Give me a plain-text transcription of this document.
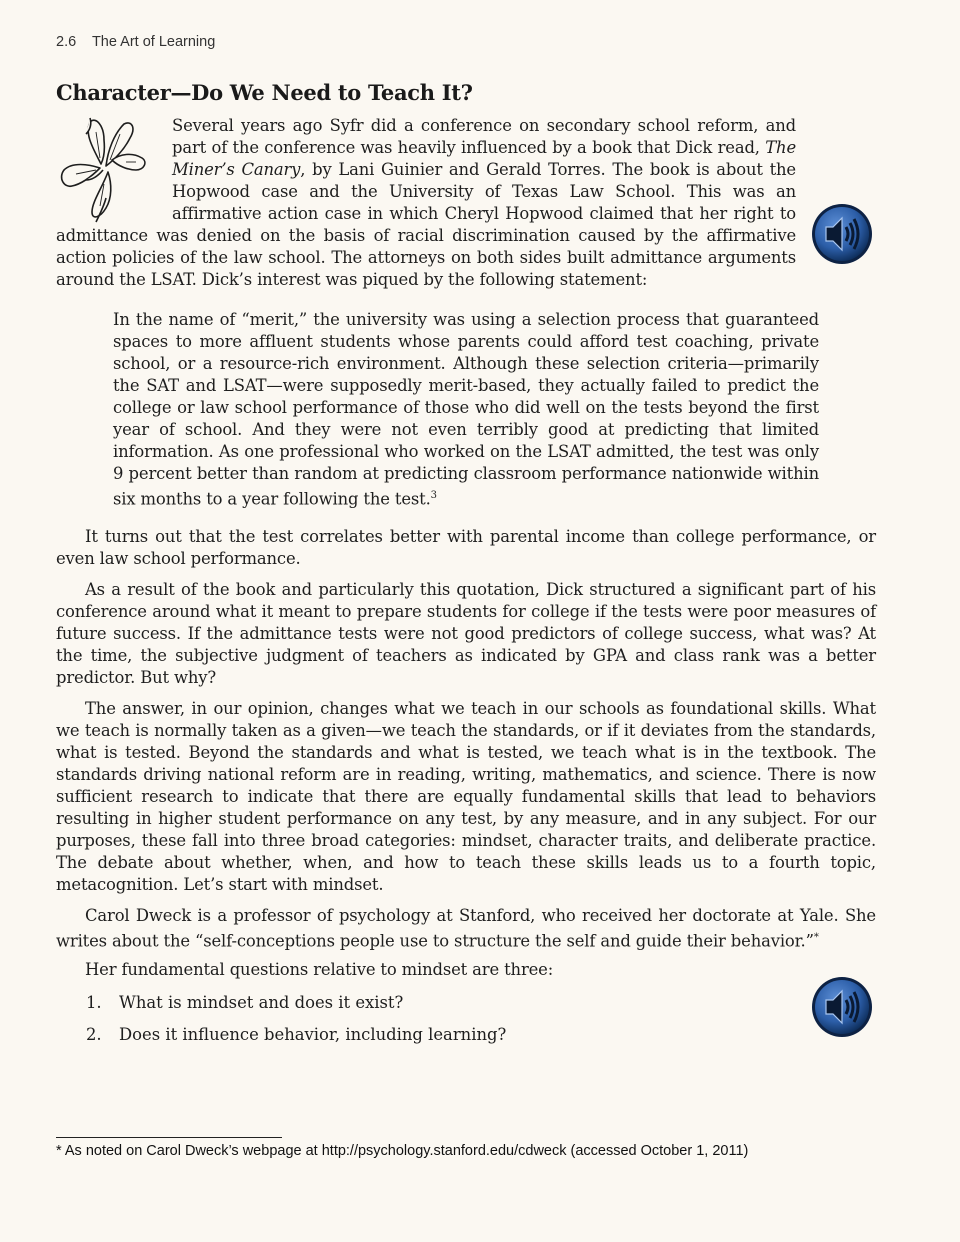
2.6 The Art of Learning
Character—Do We Need to Teach It?

Several years ago Syfr did a conference on secondary school reform, and part of the conference was heavily influenced by a book that Dick read, The Miner’s Canary, by Lani Guinier and Gerald Torres. The book is about the Hopwood case and the University of Texas Law School. This was an affirmative action case in which Cheryl Hopwood claimed that her right to admittance was denied on the basis of racial discrimination caused by the affirmative action policies of the law school. The attorneys on both sides built admittance arguments around the LSAT. Dick’s interest was piqued by the following statement:

In the name of “merit,” the university was using a selection process that guaranteed spaces to more affluent students whose parents could afford test coaching, private school, or a resource-rich environment. Although these selection criteria—primarily the SAT and LSAT—were supposedly merit-based, they actually failed to predict the college or law school performance of those who did well on the tests beyond the first year of school. And they were not even terribly good at predicting that limited information. As one professional who worked on the LSAT admitted, the test was only 9 percent better than random at predicting classroom performance nationwide within six months to a year following the test.$^3$

It turns out that the test correlates better with parental income than college performance, or even law school performance.

As a result of the book and particularly this quotation, Dick structured a significant part of his conference around what it meant to prepare students for college if the tests were poor measures of future success. If the admittance tests were not good predictors of college success, what was? At the time, the subjective judgment of teachers as indicated by GPA and class rank was a better predictor. But why?

The answer, in our opinion, changes what we teach in our schools as foundational skills. What we teach is normally taken as a given—we teach the standards, or if it deviates from the standards, what is tested. Beyond the standards and what is tested, we teach what is in the textbook. The standards driving national reform are in reading, writing, mathematics, and science. There is now sufficient research to indicate that there are equally fundamental skills that lead to behaviors resulting in higher student performance on any test, by any measure, and in any subject. For our purposes, these fall into three broad categories: mindset, character traits, and deliberate practice. The debate about whether, when, and how to teach these skills leads us to a fourth topic, metacognition. Let’s start with mindset.

Carol Dweck is a professor of psychology at Stanford, who received her doctorate at Yale. She writes about the “self-conceptions people use to structure the self and guide their behavior.”*

Her fundamental questions relative to mindset are three:

1. What is mindset and does it exist?
2. Does it influence behavior, including learning?
* As noted on Carol Dweck’s webpage at http://psychology.stanford.edu/cdweck (accessed October 1, 2011)
